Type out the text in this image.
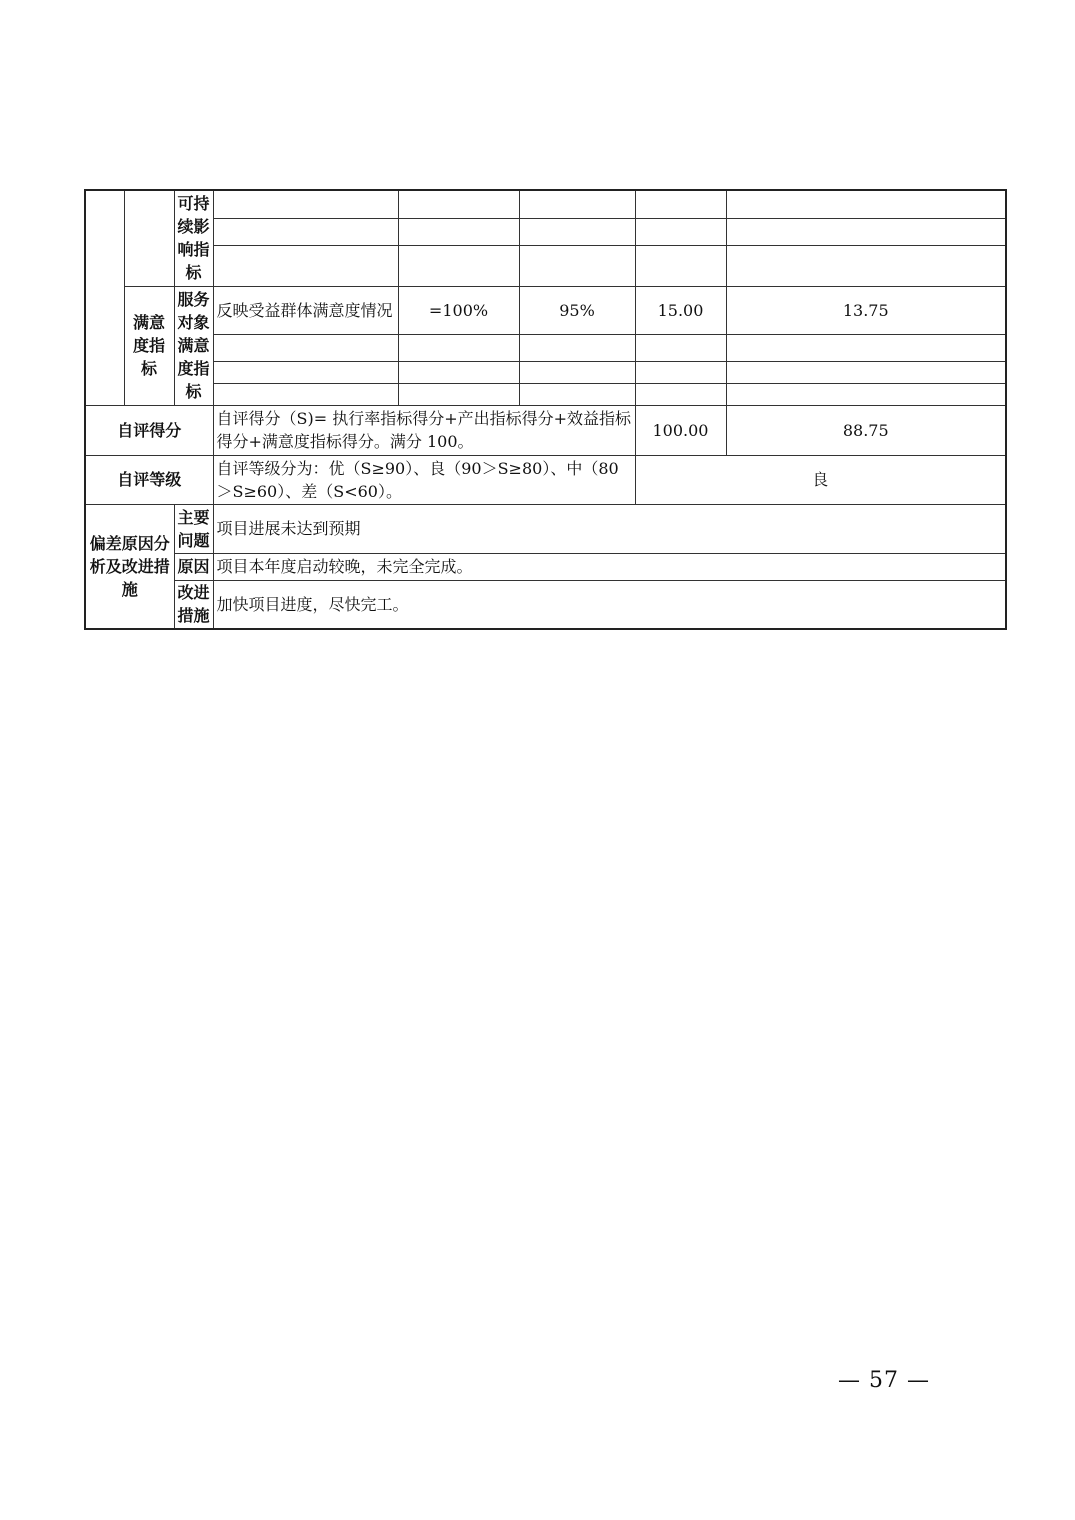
		可持续影响指标					

	满意度指标	服务对象满意度指标	反映受益群体满意度情况	=100%	95%	15.00	13.75

自评得分			自评得分（S)= 执行率指标得分+产出指标得分+效益指标得分+满意度指标得分。满分 100。			100.00	88.75
自评等级			自评等级分为：优（S≥90）、良（90＞S≥80）、中（80＞S≥60）、差（S<60）。			良	
偏差原因分析及改进措施		主要问题	项目进展未达到预期				
		原因	项目本年度启动较晚，未完全完成。				
		改进措施	加快项目进度，尽快完工。				
— 57 —
